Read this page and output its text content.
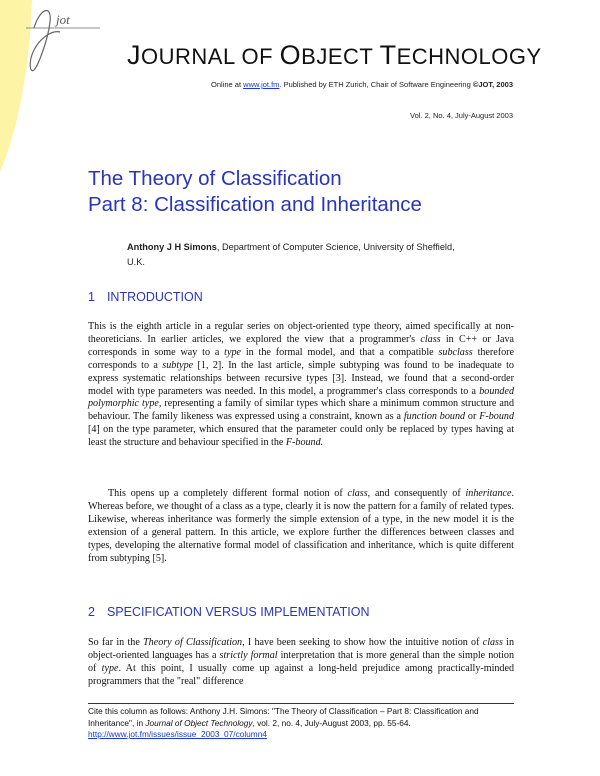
jot
JOURNAL OF OBJECT TECHNOLOGY

Online at www.jot.fm. Published by ETH Zurich, Chair of Software Engineering ©JOT, 2003

Vol. 2, No. 4, July-August 2003

The Theory of Classification
Part 8: Classification and Inheritance

Anthony J H Simons, Department of Computer Science, University of Sheffield, U.K.

1 INTRODUCTION

This is the eighth article in a regular series on object-oriented type theory, aimed specifically at non-theoreticians. In earlier articles, we explored the view that a programmer's class in C++ or Java corresponds in some way to a type in the formal model, and that a compatible subclass therefore corresponds to a subtype [1, 2]. In the last article, simple subtyping was found to be inadequate to express systematic relationships between recursive types [3]. Instead, we found that a second-order model with type parameters was needed. In this model, a programmer's class corresponds to a bounded polymorphic type, representing a family of similar types which share a minimum common structure and behaviour. The family likeness was expressed using a constraint, known as a function bound or F-bound [4] on the type parameter, which ensured that the parameter could only be replaced by types having at least the structure and behaviour specified in the F-bound.

This opens up a completely different formal notion of class, and consequently of inheritance. Whereas before, we thought of a class as a type, clearly it is now the pattern for a family of related types. Likewise, whereas inheritance was formerly the simple extension of a type, in the new model it is the extension of a general pattern. In this article, we explore further the differences between classes and types, developing the alternative formal model of classification and inheritance, which is quite different from subtyping [5].

2 SPECIFICATION VERSUS IMPLEMENTATION

So far in the Theory of Classification, I have been seeking to show how the intuitive notion of class in object-oriented languages has a strictly formal interpretation that is more general than the simple notion of type. At this point, I usually come up against a long-held prejudice among practically-minded programmers that the "real" difference

Cite this column as follows: Anthony J.H. Simons: "The Theory of Classification – Part 8: Classification and Inheritance", in Journal of Object Technology, vol. 2, no. 4, July-August 2003, pp. 55-64. http://www.jot.fm/issues/issue_2003_07/column4
